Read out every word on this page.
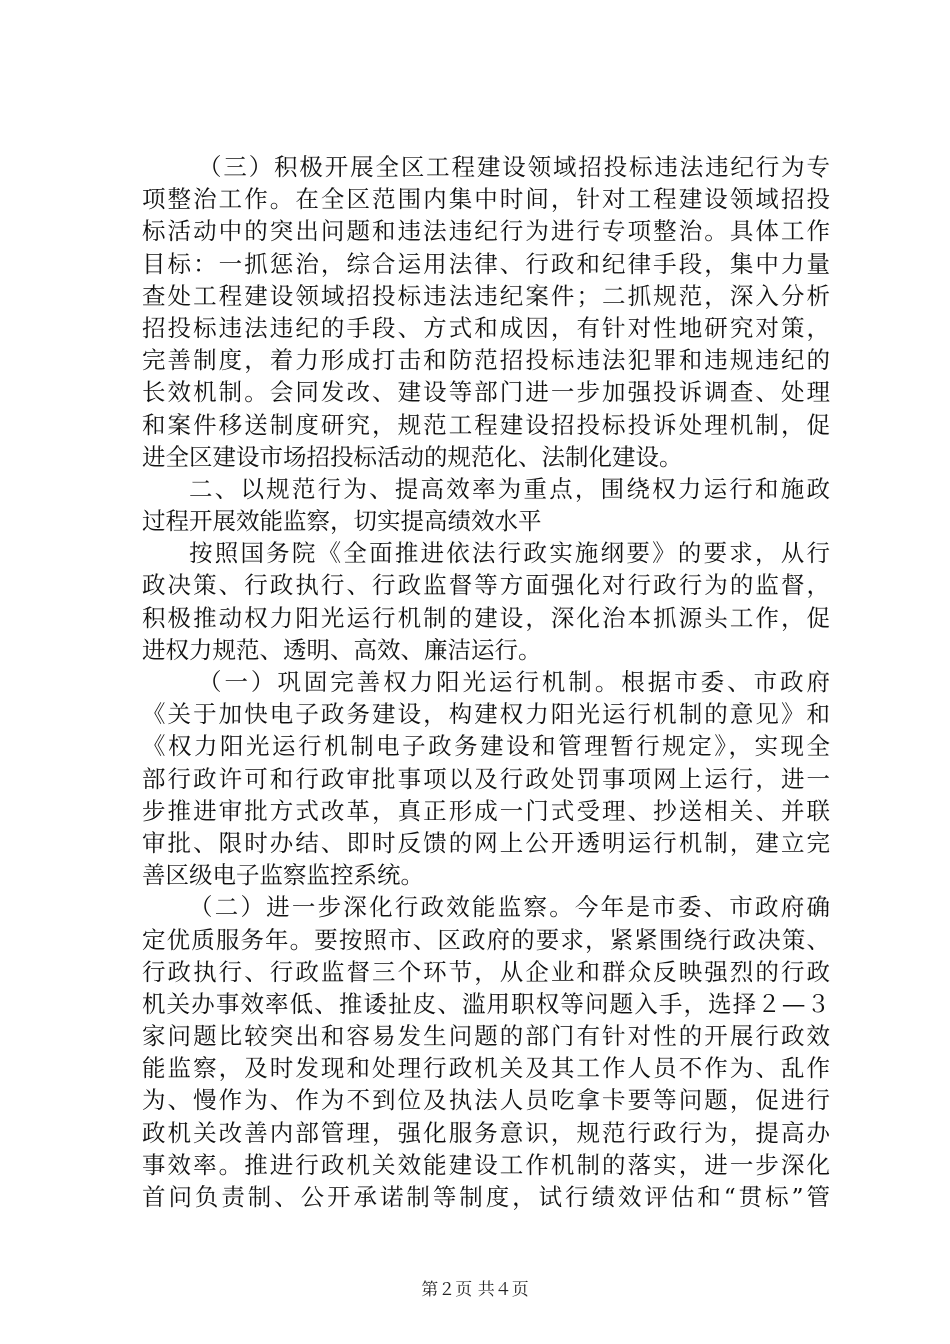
（三）积极开展全区工程建设领域招投标违法违纪行为专
项整治工作。在全区范围内集中时间，针对工程建设领域招投
标活动中的突出问题和违法违纪行为进行专项整治。具体工作
目标：一抓惩治，综合运用法律、行政和纪律手段，集中力量
查处工程建设领域招投标违法违纪案件；二抓规范，深入分析
招投标违法违纪的手段、方式和成因，有针对性地研究对策，
完善制度，着力形成打击和防范招投标违法犯罪和违规违纪的
长效机制。会同发改、建设等部门进一步加强投诉调查、处理
和案件移送制度研究，规范工程建设招投标投诉处理机制，促
进全区建设市场招投标活动的规范化、法制化建设。
二、以规范行为、提高效率为重点，围绕权力运行和施政
过程开展效能监察，切实提高绩效水平
按照国务院《全面推进依法行政实施纲要》的要求，从行
政决策、行政执行、行政监督等方面强化对行政行为的监督，
积极推动权力阳光运行机制的建设，深化治本抓源头工作，促
进权力规范、透明、高效、廉洁运行。
（一）巩固完善权力阳光运行机制。根据市委、市政府
《关于加快电子政务建设，构建权力阳光运行机制的意见》和
《权力阳光运行机制电子政务建设和管理暂行规定》，实现全
部行政许可和行政审批事项以及行政处罚事项网上运行，进一
步推进审批方式改革，真正形成一门式受理、抄送相关、并联
审批、限时办结、即时反馈的网上公开透明运行机制，建立完
善区级电子监察监控系统。
（二）进一步深化行政效能监察。今年是市委、市政府确
定优质服务年。要按照市、区政府的要求，紧紧围绕行政决策、
行政执行、行政监督三个环节，从企业和群众反映强烈的行政
机关办事效率低、推诿扯皮、滥用职权等问题入手，选择２—３
家问题比较突出和容易发生问题的部门有针对性的开展行政效
能监察，及时发现和处理行政机关及其工作人员不作为、乱作
为、慢作为、作为不到位及执法人员吃拿卡要等问题，促进行
政机关改善内部管理，强化服务意识，规范行政行为，提高办
事效率。推进行政机关效能建设工作机制的落实，进一步深化
首问负责制、公开承诺制等制度，试行绩效评估和“贯标”管
第２页 共４页
